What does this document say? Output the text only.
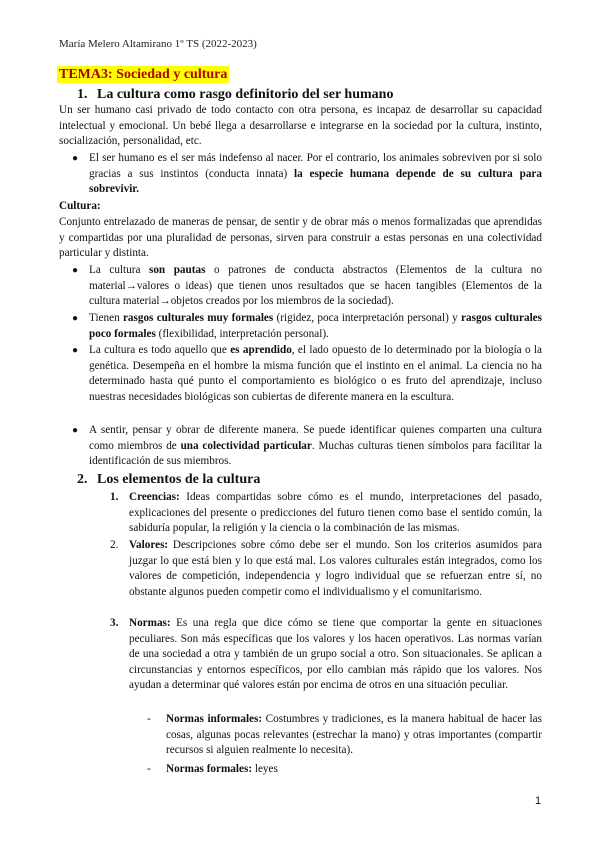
María Melero Altamirano 1º TS (2022-2023)
TEMA3: Sociedad y cultura
1. La cultura como rasgo definitorio del ser humano

Un ser humano casi privado de todo contacto con otra persona, es incapaz de desarrollar su capacidad intelectual y emocional. Un bebé llega a desarrollarse e integrarse en la sociedad por la cultura, instinto, socialización, personalidad, etc.

● El ser humano es el ser más indefenso al nacer. Por el contrario, los animales sobreviven por si solo gracias a sus instintos (conducta innata) la especie humana depende de su cultura para sobrevivir.

Cultura:

Conjunto entrelazado de maneras de pensar, de sentir y de obrar más o menos formalizadas que aprendidas y compartidas por una pluralidad de personas, sirven para construir a estas personas en una colectividad particular y distinta.

● La cultura son pautas o patrones de conducta abstractos (Elementos de la cultura no material→valores o ideas) que tienen unos resultados que se hacen tangibles (Elementos de la cultura material→objetos creados por los miembros de la sociedad).

● Tienen rasgos culturales muy formales (rigidez, poca interpretación personal) y rasgos culturales poco formales (flexibilidad, interpretación personal).

● La cultura es todo aquello que es aprendido, el lado opuesto de lo determinado por la biología o la genética. Desempeña en el hombre la misma función que el instinto en el animal. La ciencia no ha determinado hasta qué punto el comportamiento es biológico o es fruto del aprendizaje, incluso nuestras necesidades biológicas son cubiertas de diferente manera en la escultura.

● A sentir, pensar y obrar de diferente manera. Se puede identificar quienes comparten una cultura como miembros de una colectividad particular. Muchas culturas tienen símbolos para facilitar la identificación de sus miembros.

2. Los elementos de la cultura

1. Creencias: Ideas compartidas sobre cómo es el mundo, interpretaciones del pasado, explicaciones del presente o predicciones del futuro tienen como base el sentido común, la sabiduría popular, la religión y la ciencia o la combinación de las mismas.

2. Valores: Descripciones sobre cómo debe ser el mundo. Son los criterios asumidos para juzgar lo que está bien y lo que está mal. Los valores culturales están integrados, como los valores de competición, independencia y logro individual que se refuerzan entre sí, no obstante algunos pueden competir como el individualismo y el comunitarismo.

3. Normas: Es una regla que dice cómo se tiene que comportar la gente en situaciones peculiares. Son más específicas que los valores y los hacen operativos. Las normas varían de una sociedad a otra y también de un grupo social a otro. Son situacionales. Se aplican a circunstancias y entornos específicos, por ello cambian más rápido que los valores. Nos ayudan a determinar qué valores están por encima de otros en una situación peculiar.

- Normas informales: Costumbres y tradiciones, es la manera habitual de hacer las cosas, algunas pocas relevantes (estrechar la mano) y otras importantes (compartir recursos si alguien realmente lo necesita).

- Normas formales: leyes

1
